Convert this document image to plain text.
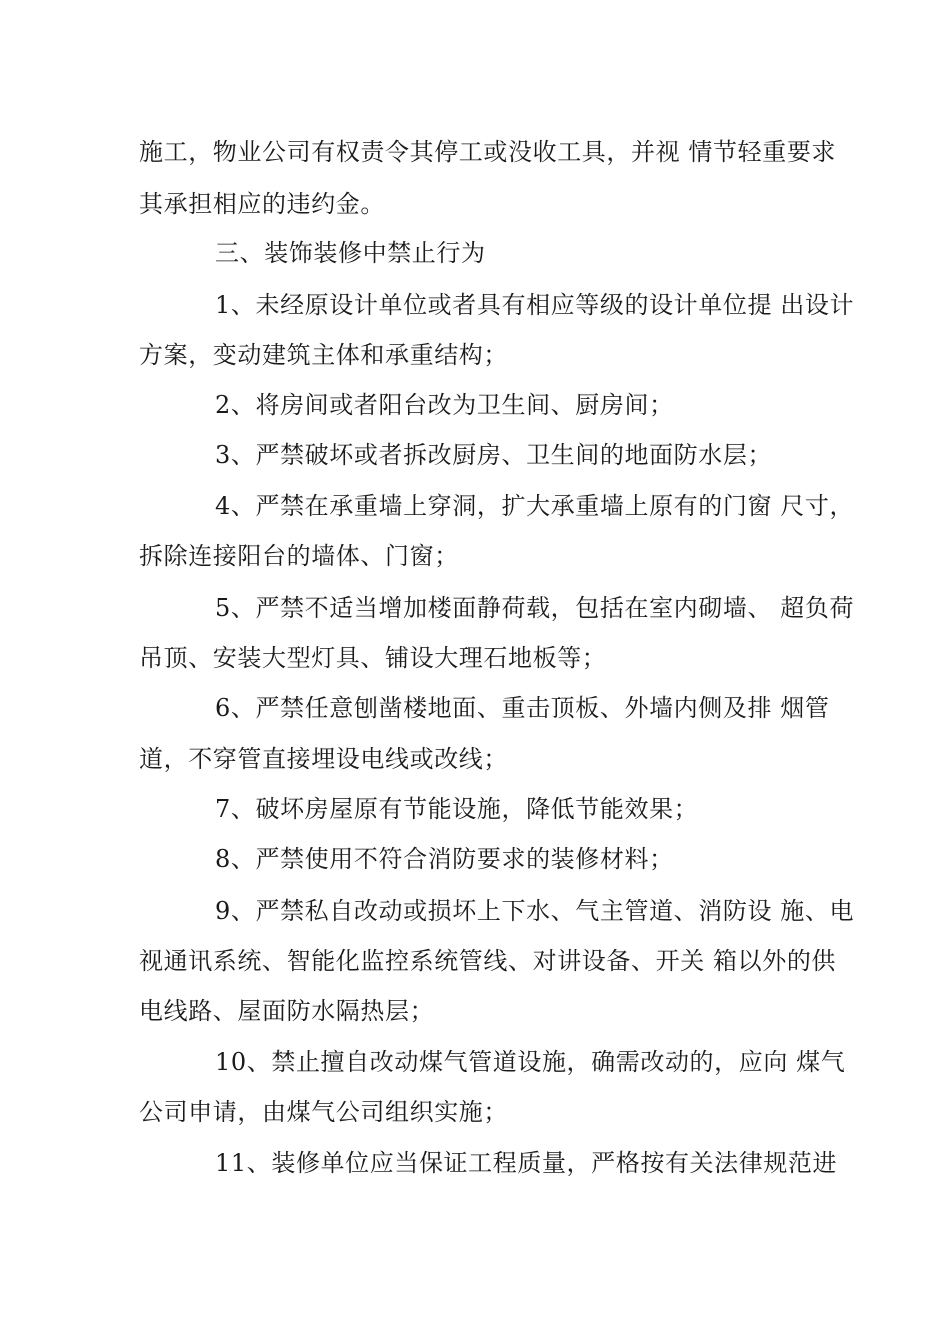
施工，物业公司有权责令其停工或没收工具，并视 情节轻重要求
其承担相应的违约金。
三、装饰装修中禁止行为
1、未经原设计单位或者具有相应等级的设计单位提 出设计
方案，变动建筑主体和承重结构；
2、将房间或者阳台改为卫生间、厨房间；
3、严禁破坏或者拆改厨房、卫生间的地面防水层；
4、严禁在承重墙上穿洞，扩大承重墙上原有的门窗 尺寸，
拆除连接阳台的墙体、门窗；
5、严禁不适当增加楼面静荷载，包括在室内砌墙、 超负荷
吊顶、安装大型灯具、铺设大理石地板等；
6、严禁任意刨凿楼地面、重击顶板、外墙内侧及排 烟管
道，不穿管直接埋设电线或改线；
7、破坏房屋原有节能设施，降低节能效果；
8、严禁使用不符合消防要求的装修材料；
9、严禁私自改动或损坏上下水、气主管道、消防设 施、电
视通讯系统、智能化监控系统管线、对讲设备、开关 箱以外的供
电线路、屋面防水隔热层；
10、禁止擅自改动煤气管道设施，确需改动的，应向 煤气
公司申请，由煤气公司组织实施；
11、装修单位应当保证工程质量，严格按有关法律规范进
